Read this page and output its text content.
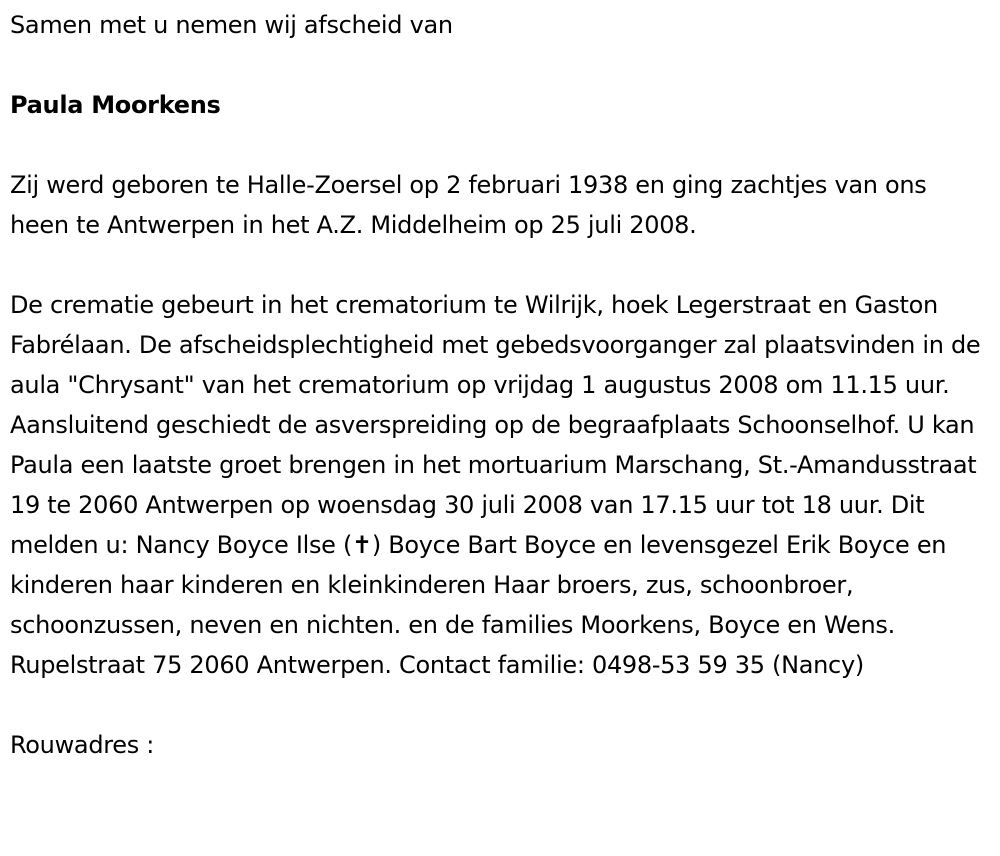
Samen met u nemen wij afscheid van

Paula Moorkens

Zij werd geboren te Halle-Zoersel op 2 februari 1938 en ging zachtjes van ons heen te Antwerpen in het A.Z. Middelheim op 25 juli 2008.

De crematie gebeurt in het crematorium te Wilrijk, hoek Legerstraat en Gaston Fabrélaan. De afscheidsplechtigheid met gebedsvoorganger zal plaatsvinden in de aula "Chrysant" van het crematorium op vrijdag 1 augustus 2008 om 11.15 uur. Aansluitend geschiedt de asverspreiding op de begraafplaats Schoonselhof. U kan Paula een laatste groet brengen in het mortuarium Marschang, St.-Amandusstraat 19 te 2060 Antwerpen op woensdag 30 juli 2008 van 17.15 uur tot 18 uur. Dit melden u: Nancy Boyce Ilse (✝) Boyce Bart Boyce en levensgezel Erik Boyce en kinderen haar kinderen en kleinkinderen Haar broers, zus, schoonbroer, schoonzussen, neven en nichten. en de families Moorkens, Boyce en Wens. Rupelstraat 75 2060 Antwerpen. Contact familie: 0498-53 59 35 (Nancy)

Rouwadres :
